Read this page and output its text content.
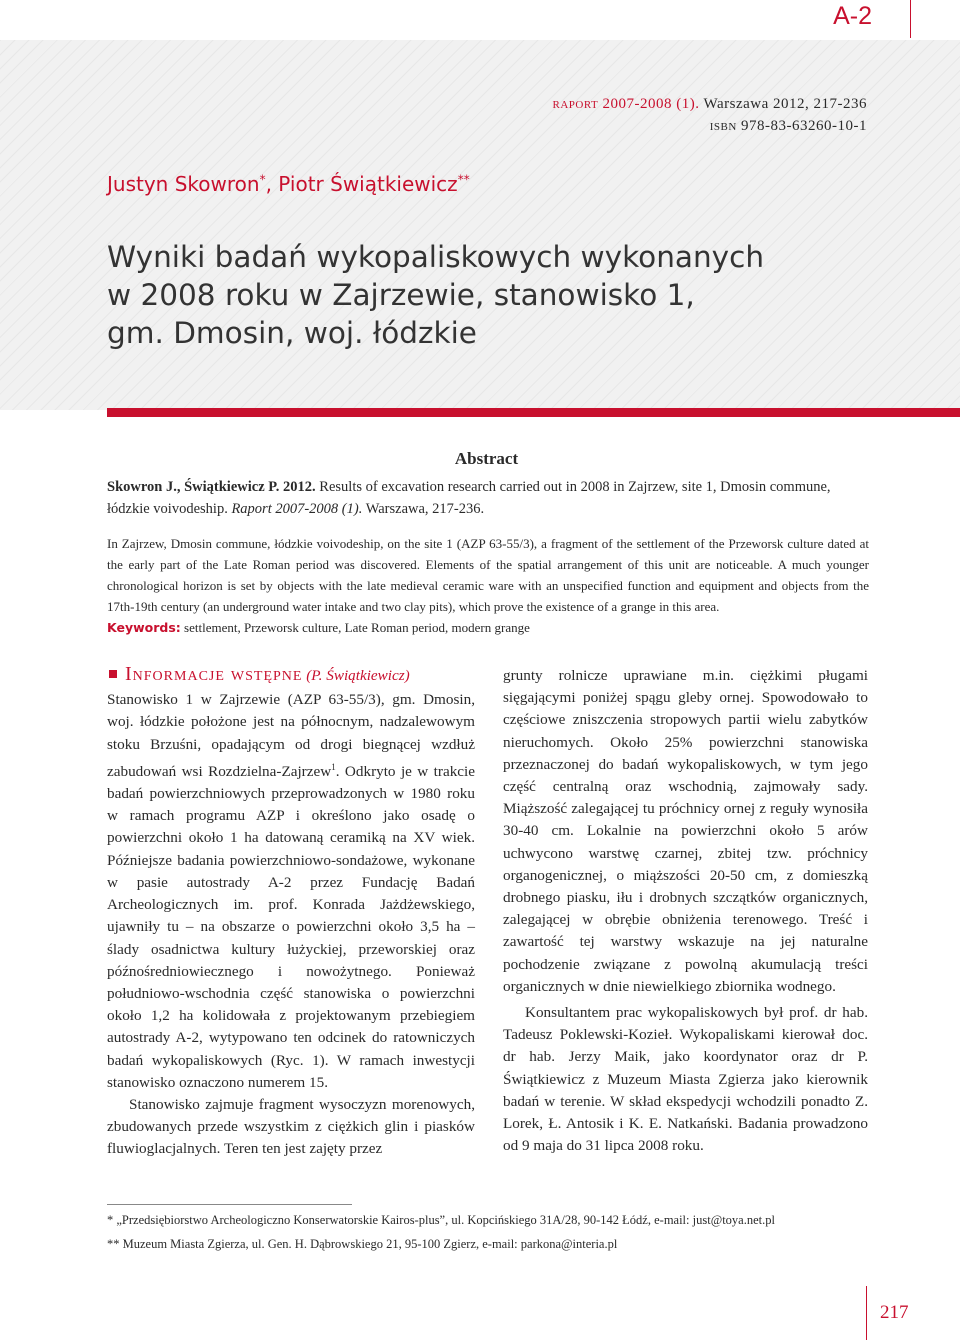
A-2
raport 2007-2008 (1). Warszawa 2012, 217-236
isbn 978-83-63260-10-1
Justyn Skowron*, Piotr Świątkiewicz**
Wyniki badań wykopaliskowych wykonanych
w 2008 roku w Zajrzewie, stanowisko 1,
gm. Dmosin, woj. łódzkie
Abstract
Skowron J., Świątkiewicz P. 2012. Results of excavation research carried out in 2008 in Zajrzew, site 1, Dmosin commune, łódzkie voivodeship. Raport 2007-2008 (1). Warszawa, 217-236.
In Zajrzew, Dmosin commune, łódzkie voivodeship, on the site 1 (AZP 63-55/3), a fragment of the settlement of the Przeworsk culture dated at the early part of the Late Roman period was discovered. Elements of the spatial arrangement of this unit are noticeable. A much younger chronological horizon is set by objects with the late medieval ceramic ware with an unspecified function and equipment and objects from the 17th-19th century (an underground water intake and two clay pits), which prove the existence of a grange in this area.
Keywords: settlement, Przeworsk culture, Late Roman period, modern grange
Informacje wstępne (P. Świątkiewicz)

Stanowisko 1 w Zajrzewie (AZP 63-55/3), gm. Dmosin, woj. łódzkie położone jest na północnym, nadzalewowym stoku Brzuśni, opadającym od drogi biegnącej wzdłuż zabudowań wsi Rozdzielna-Zajrzew$^1$. Odkryto je w trakcie badań powierzchniowych przeprowadzonych w 1980 roku w ramach programu AZP i określono jako osadę o powierzchni około 1 ha datowaną ceramiką na XV wiek. Późniejsze badania powierzchniowo-sondażowe, wykonane w pasie autostrady A-2 przez Fundację Badań Archeologicznych im. prof. Konrada Jażdżewskiego, ujawniły tu – na obszarze o powierzchni około 3,5 ha – ślady osadnictwa kultury łużyckiej, przeworskiej oraz późnośredniowiecznego i nowożytnego. Ponieważ południowo-wschodnia część stanowiska o powierzchni około 1,2 ha kolidowała z projektowanym przebiegiem autostrady A-2, wytypowano ten odcinek do ratowniczych badań wykopaliskowych (Ryc. 1). W ramach inwestycji stanowisko oznaczono numerem 15.

Stanowisko zajmuje fragment wysoczyzn morenowych, zbudowanych przede wszystkim z ciężkich glin i piasków fluwioglacjalnych. Teren ten jest zajęty przez

grunty rolnicze uprawiane m.in. ciężkimi pługami sięgającymi poniżej spągu gleby ornej. Spowodowało to częściowe zniszczenia stropowych partii wielu zabytków nieruchomych. Około 25% powierzchni stanowiska przeznaczonej do badań wykopaliskowych, w tym jego część centralną oraz wschodnią, zajmowały sady. Miąższość zalegającej tu próchnicy ornej z reguły wynosiła 30-40 cm. Lokalnie na powierzchni około 5 arów uchwycono warstwę czarnej, zbitej tzw. próchnicy organogenicznej, o miąższości 20-50 cm, z domieszką drobnego piasku, iłu i drobnych szczątków organicznych, zalegającej w obrębie obniżenia terenowego. Treść i zawartość tej warstwy wskazuje na jej naturalne pochodzenie związane z powolną akumulacją treści organicznych w dnie niewielkiego zbiornika wodnego.

Konsultantem prac wykopaliskowych był prof. dr hab. Tadeusz Poklewski-Kozieł. Wykopaliskami kierował doc. dr hab. Jerzy Maik, jako koordynator oraz dr P. Świątkiewicz z Muzeum Miasta Zgierza jako kierownik badań w terenie. W skład ekspedycji wchodzili ponadto Z. Lorek, Ł. Antosik i K. E. Natkański. Badania prowadzono od 9 maja do 31 lipca 2008 roku.

* „Przedsiębiorstwo Archeologiczno Konserwatorskie Kairos-plus”, ul. Kopcińskiego 31A/28, 90-142 Łódź, e-mail: just@toya.net.pl
** Muzeum Miasta Zgierza, ul. Gen. H. Dąbrowskiego 21, 95-100 Zgierz, e-mail: parkona@interia.pl
217
